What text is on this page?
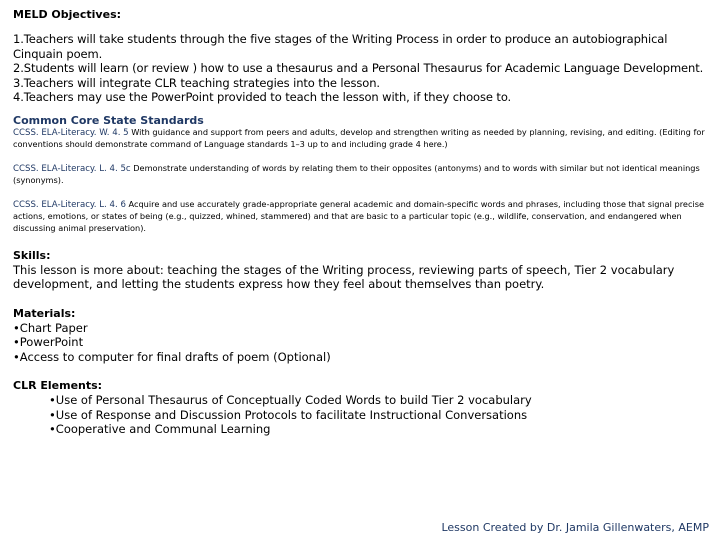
MELD Objectives:

1.Teachers will take students through the five stages of the Writing Process in order to produce an autobiographical Cinquain poem.

2.Students will learn (or review ) how to use a thesaurus and a Personal Thesaurus for Academic Language Development.

3.Teachers will integrate CLR teaching strategies into the lesson.

4.Teachers may use the PowerPoint provided to teach the lesson with, if they choose to.

Common Core State Standards

CCSS. ELA-Literacy. W. 4. 5 With guidance and support from peers and adults, develop and strengthen writing as needed by planning, revising, and editing. (Editing for conventions should demonstrate command of Language standards 1–3 up to and including grade 4 here.)

CCSS. ELA-Literacy. L. 4. 5c Demonstrate understanding of words by relating them to their opposites (antonyms) and to words with similar but not identical meanings (synonyms).

CCSS. ELA-Literacy. L. 4. 6 Acquire and use accurately grade-appropriate general academic and domain-specific words and phrases, including those that signal precise actions, emotions, or states of being (e.g., quizzed, whined, stammered) and that are basic to a particular topic (e.g., wildlife, conservation, and endangered when discussing animal preservation).

Skills:

This lesson is more about: teaching the stages of the Writing process, reviewing parts of speech, Tier 2 vocabulary development, and letting the students express how they feel about themselves than poetry.

Materials:

•Chart Paper

•PowerPoint

•Access to computer for final drafts of poem (Optional)

CLR Elements:

•Use of Personal Thesaurus of Conceptually Coded Words to build Tier 2 vocabulary

•Use of Response and Discussion Protocols to facilitate Instructional Conversations

•Cooperative and Communal Learning

Lesson Created by Dr. Jamila Gillenwaters, AEMP
